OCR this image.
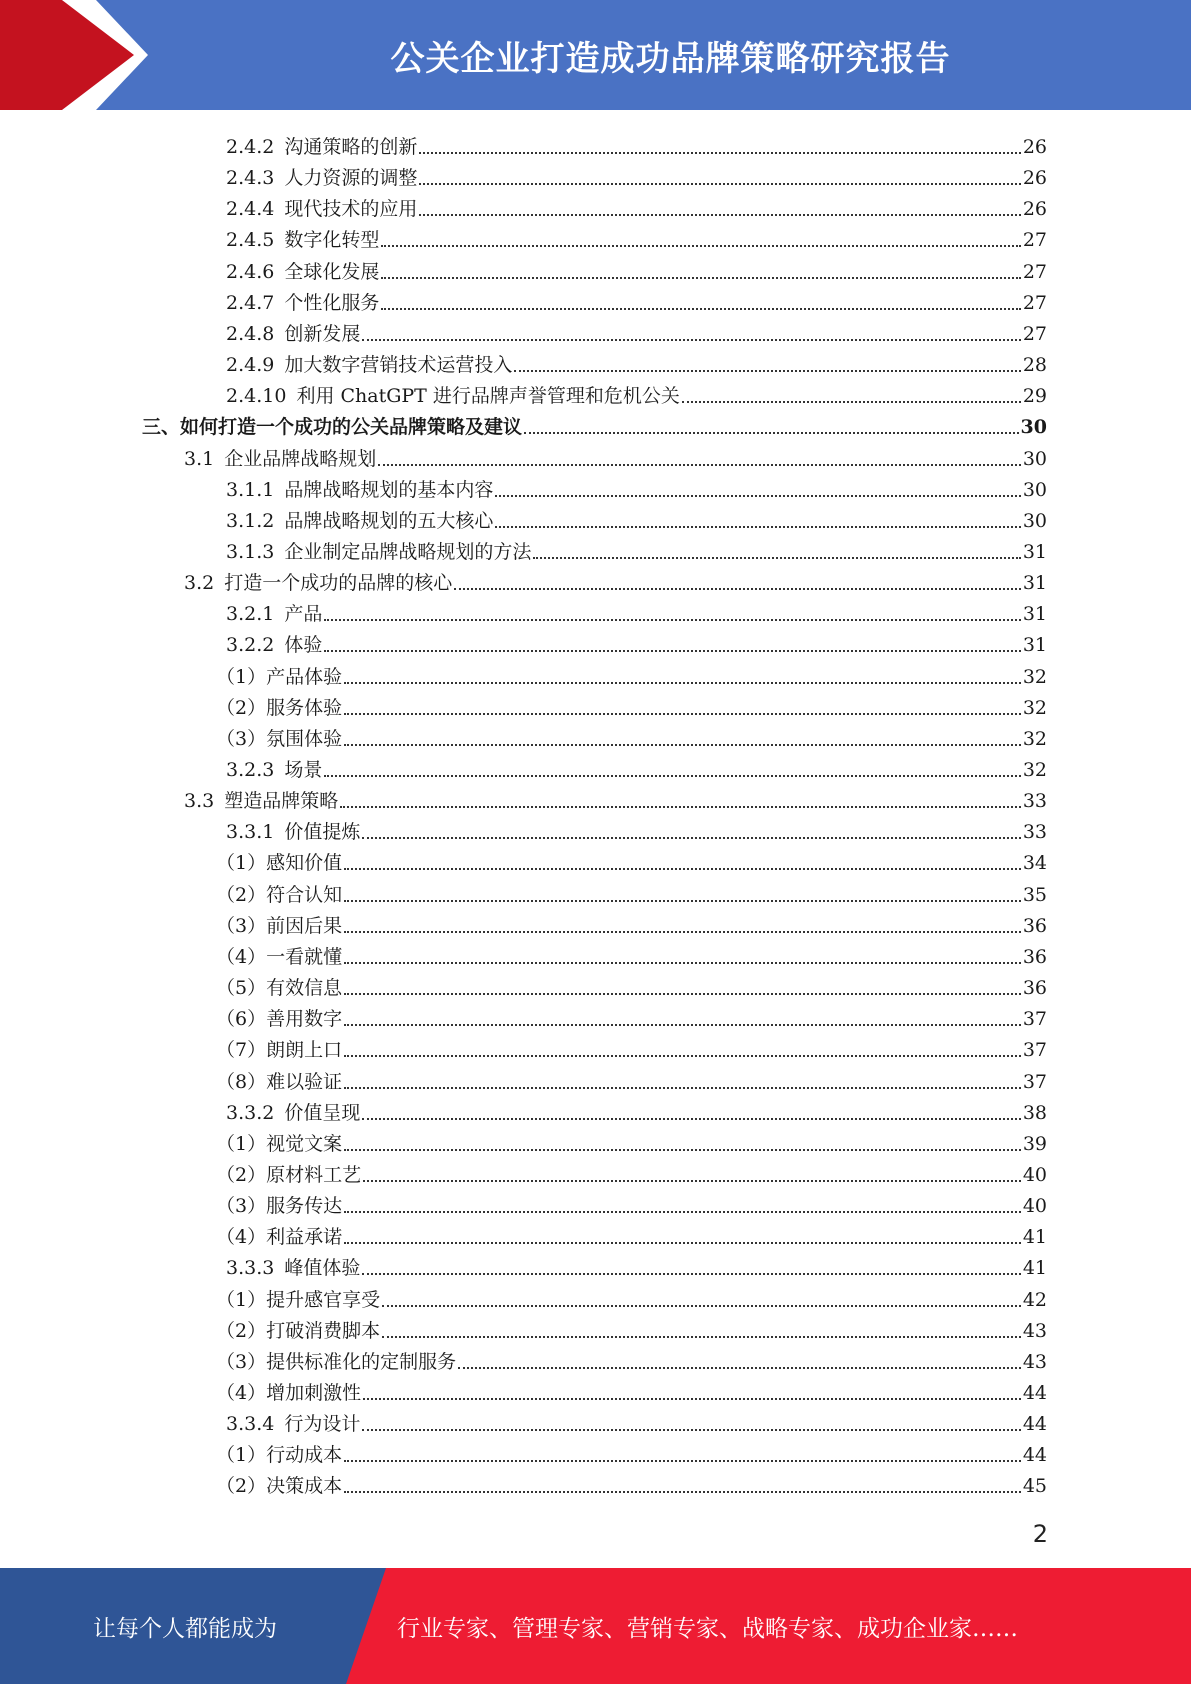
公关企业打造成功品牌策略研究报告
2.4.2 沟通策略的创新	26
2.4.3 人力资源的调整	26
2.4.4 现代技术的应用	26
2.4.5 数字化转型	27
2.4.6 全球化发展	27
2.4.7 个性化服务	27
2.4.8 创新发展	27
2.4.9 加大数字营销技术运营投入	28
2.4.10 利用 ChatGPT 进行品牌声誉管理和危机公关	29
三、如何打造一个成功的公关品牌策略及建议	30
3.1 企业品牌战略规划	30
3.1.1 品牌战略规划的基本内容	30
3.1.2 品牌战略规划的五大核心	30
3.1.3 企业制定品牌战略规划的方法	31
3.2 打造一个成功的品牌的核心	31
3.2.1 产品	31
3.2.2 体验	31
（1）产品体验	32
（2）服务体验	32
（3）氛围体验	32
3.2.3 场景	32
3.3 塑造品牌策略	33
3.3.1 价值提炼	33
（1）感知价值	34
（2）符合认知	35
（3）前因后果	36
（4）一看就懂	36
（5）有效信息	36
（6）善用数字	37
（7）朗朗上口	37
（8）难以验证	37
3.3.2 价值呈现	38
（1）视觉文案	39
（2）原材料工艺	40
（3）服务传达	40
（4）利益承诺	41
3.3.3 峰值体验	41
（1）提升感官享受	42
（2）打破消费脚本	43
（3）提供标准化的定制服务	43
（4）增加刺激性	44
3.3.4 行为设计	44
（1）行动成本	44
（2）决策成本	45
2
让每个人都能成为	行业专家、管理专家、营销专家、战略专家、成功企业家……
